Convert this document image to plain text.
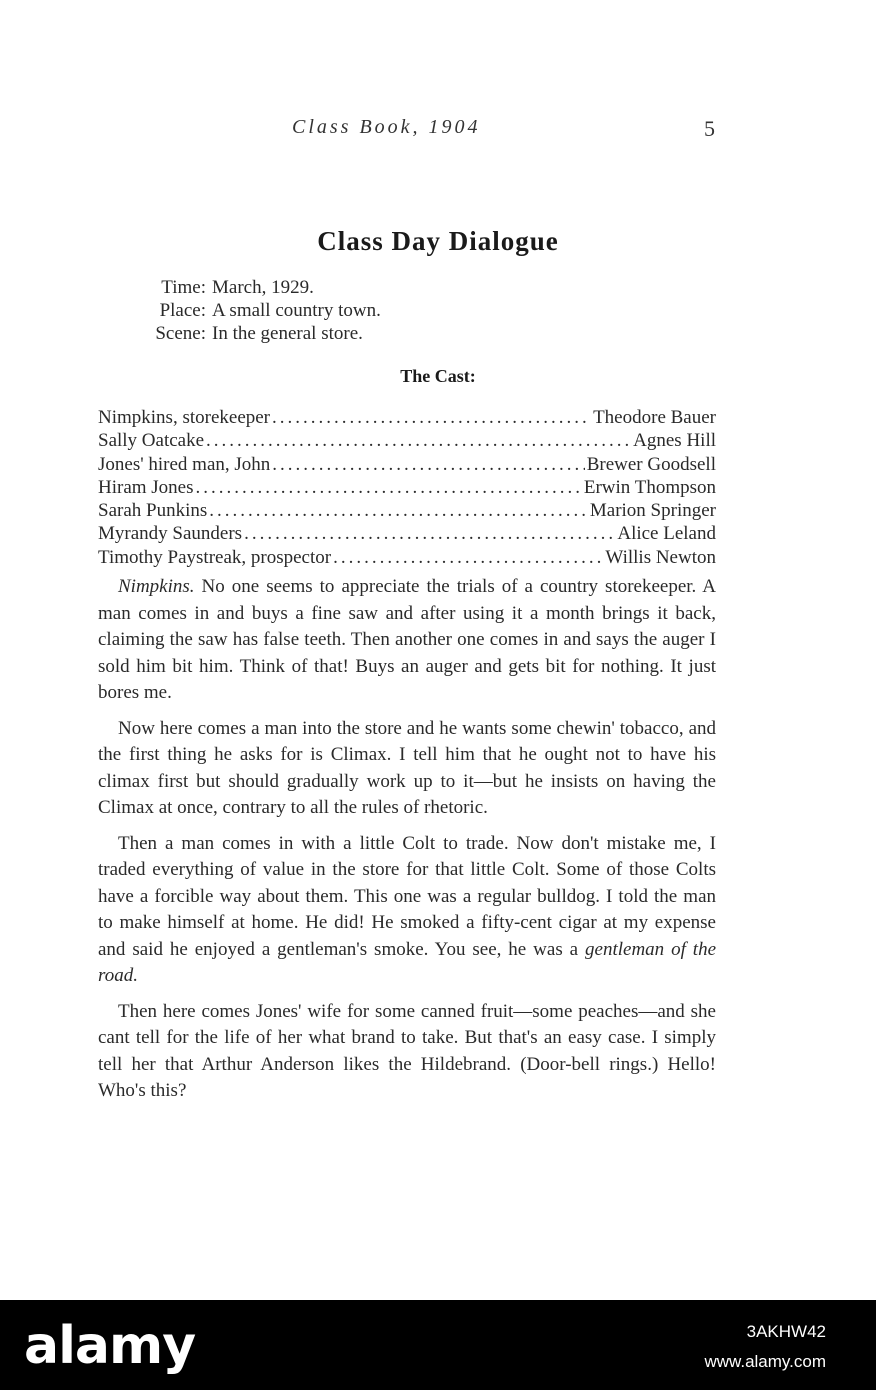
Class Book, 1904	5
Class Day Dialogue
Time: March, 1929.
Place: A small country town.
Scene: In the general store.
The Cast:
Nimpkins, storekeeper .....	Theodore Bauer
Sally Oatcake .....	Agnes Hill
Jones' hired man, John .....	Brewer Goodsell
Hiram Jones .....	Erwin Thompson
Sarah Punkins .....	Marion Springer
Myrandy Saunders .....	Alice Leland
Timothy Paystreak, prospector .....	Willis Newton

Nimpkins. No one seems to appreciate the trials of a country storekeeper. A man comes in and buys a fine saw and after using it a month brings it back, claiming the saw has false teeth. Then another one comes in and says the auger I sold him bit him. Think of that! Buys an auger and gets bit for nothing. It just bores me.

Now here comes a man into the store and he wants some chewin' tobacco, and the first thing he asks for is Climax. I tell him that he ought not to have his climax first but should gradually work up to it—but he insists on having the Climax at once, contrary to all the rules of rhetoric.

Then a man comes in with a little Colt to trade. Now don't mistake me, I traded everything of value in the store for that little Colt. Some of those Colts have a forcible way about them. This one was a regular bulldog. I told the man to make himself at home. He did! He smoked a fifty-cent cigar at my expense and said he enjoyed a gentleman's smoke. You see, he was a gentleman of the road.

Then here comes Jones' wife for some canned fruit—some peaches—and she cant tell for the life of her what brand to take. But that's an easy case. I simply tell her that Arthur Anderson likes the Hildebrand. (Door-bell rings.) Hello! Who's this?

alamy	3AKHW42
www.alamy.com
